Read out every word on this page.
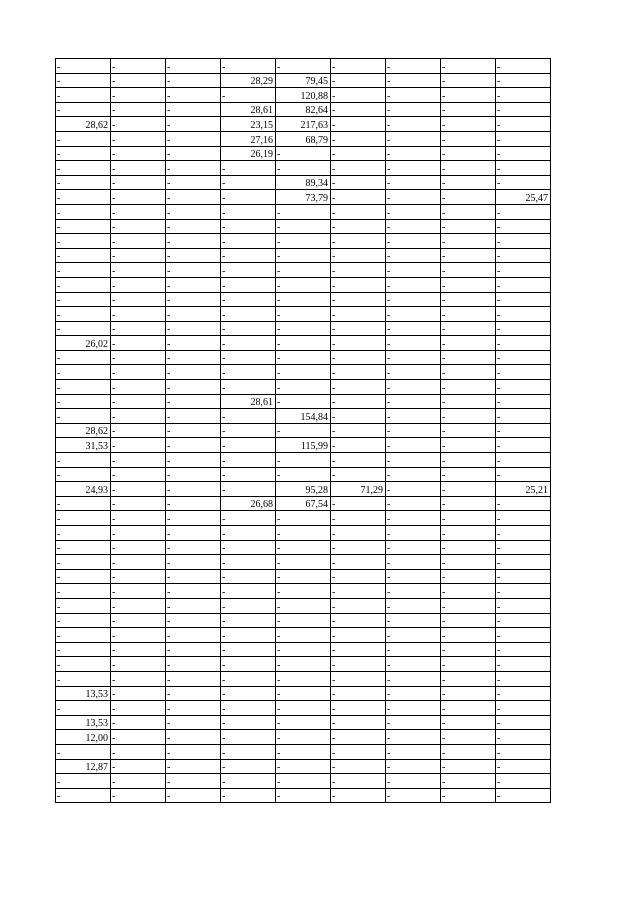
-	-	-	-	-	-	-	-	-
-	-	-	28,29	79,45	-	-	-	-
-	-	-	-	120,88	-	-	-	-
-	-	-	28,61	82,64	-	-	-	-
28,62	-	-	23,15	217,63	-	-	-	-
-	-	-	27,16	68,79	-	-	-	-
-	-	-	26,19	-	-	-	-	-
-	-	-	-	-	-	-	-	-
-	-	-	-	89,34	-	-	-	-
-	-	-	-	73,79	-	-	-	25,47
-	-	-	-	-	-	-	-	-
-	-	-	-	-	-	-	-	-
-	-	-	-	-	-	-	-	-
-	-	-	-	-	-	-	-	-
-	-	-	-	-	-	-	-	-
-	-	-	-	-	-	-	-	-
-	-	-	-	-	-	-	-	-
-	-	-	-	-	-	-	-	-
-	-	-	-	-	-	-	-	-
26,02	-	-	-	-	-	-	-	-
-	-	-	-	-	-	-	-	-
-	-	-	-	-	-	-	-	-
-	-	-	-	-	-	-	-	-
-	-	-	28,61	-	-	-	-	-
-	-	-	-	154,84	-	-	-	-
28,62	-	-	-	-	-	-	-	-
31,53	-	-	-	115,99	-	-	-	-
-	-	-	-	-	-	-	-	-
-	-	-	-	-	-	-	-	-
24,93	-	-	-	95,28	71,29	-	-	25,21
-	-	-	26,68	67,54	-	-	-	-
-	-	-	-	-	-	-	-	-
-	-	-	-	-	-	-	-	-
-	-	-	-	-	-	-	-	-
-	-	-	-	-	-	-	-	-
-	-	-	-	-	-	-	-	-
-	-	-	-	-	-	-	-	-
-	-	-	-	-	-	-	-	-
-	-	-	-	-	-	-	-	-
-	-	-	-	-	-	-	-	-
-	-	-	-	-	-	-	-	-
-	-	-	-	-	-	-	-	-
-	-	-	-	-	-	-	-	-
13,53	-	-	-	-	-	-	-	-
-	-	-	-	-	-	-	-	-
13,53	-	-	-	-	-	-	-	-
12,00	-	-	-	-	-	-	-	-
-	-	-	-	-	-	-	-	-
12,87	-	-	-	-	-	-	-	-
-	-	-	-	-	-	-	-	-
-	-	-	-	-	-	-	-	-
